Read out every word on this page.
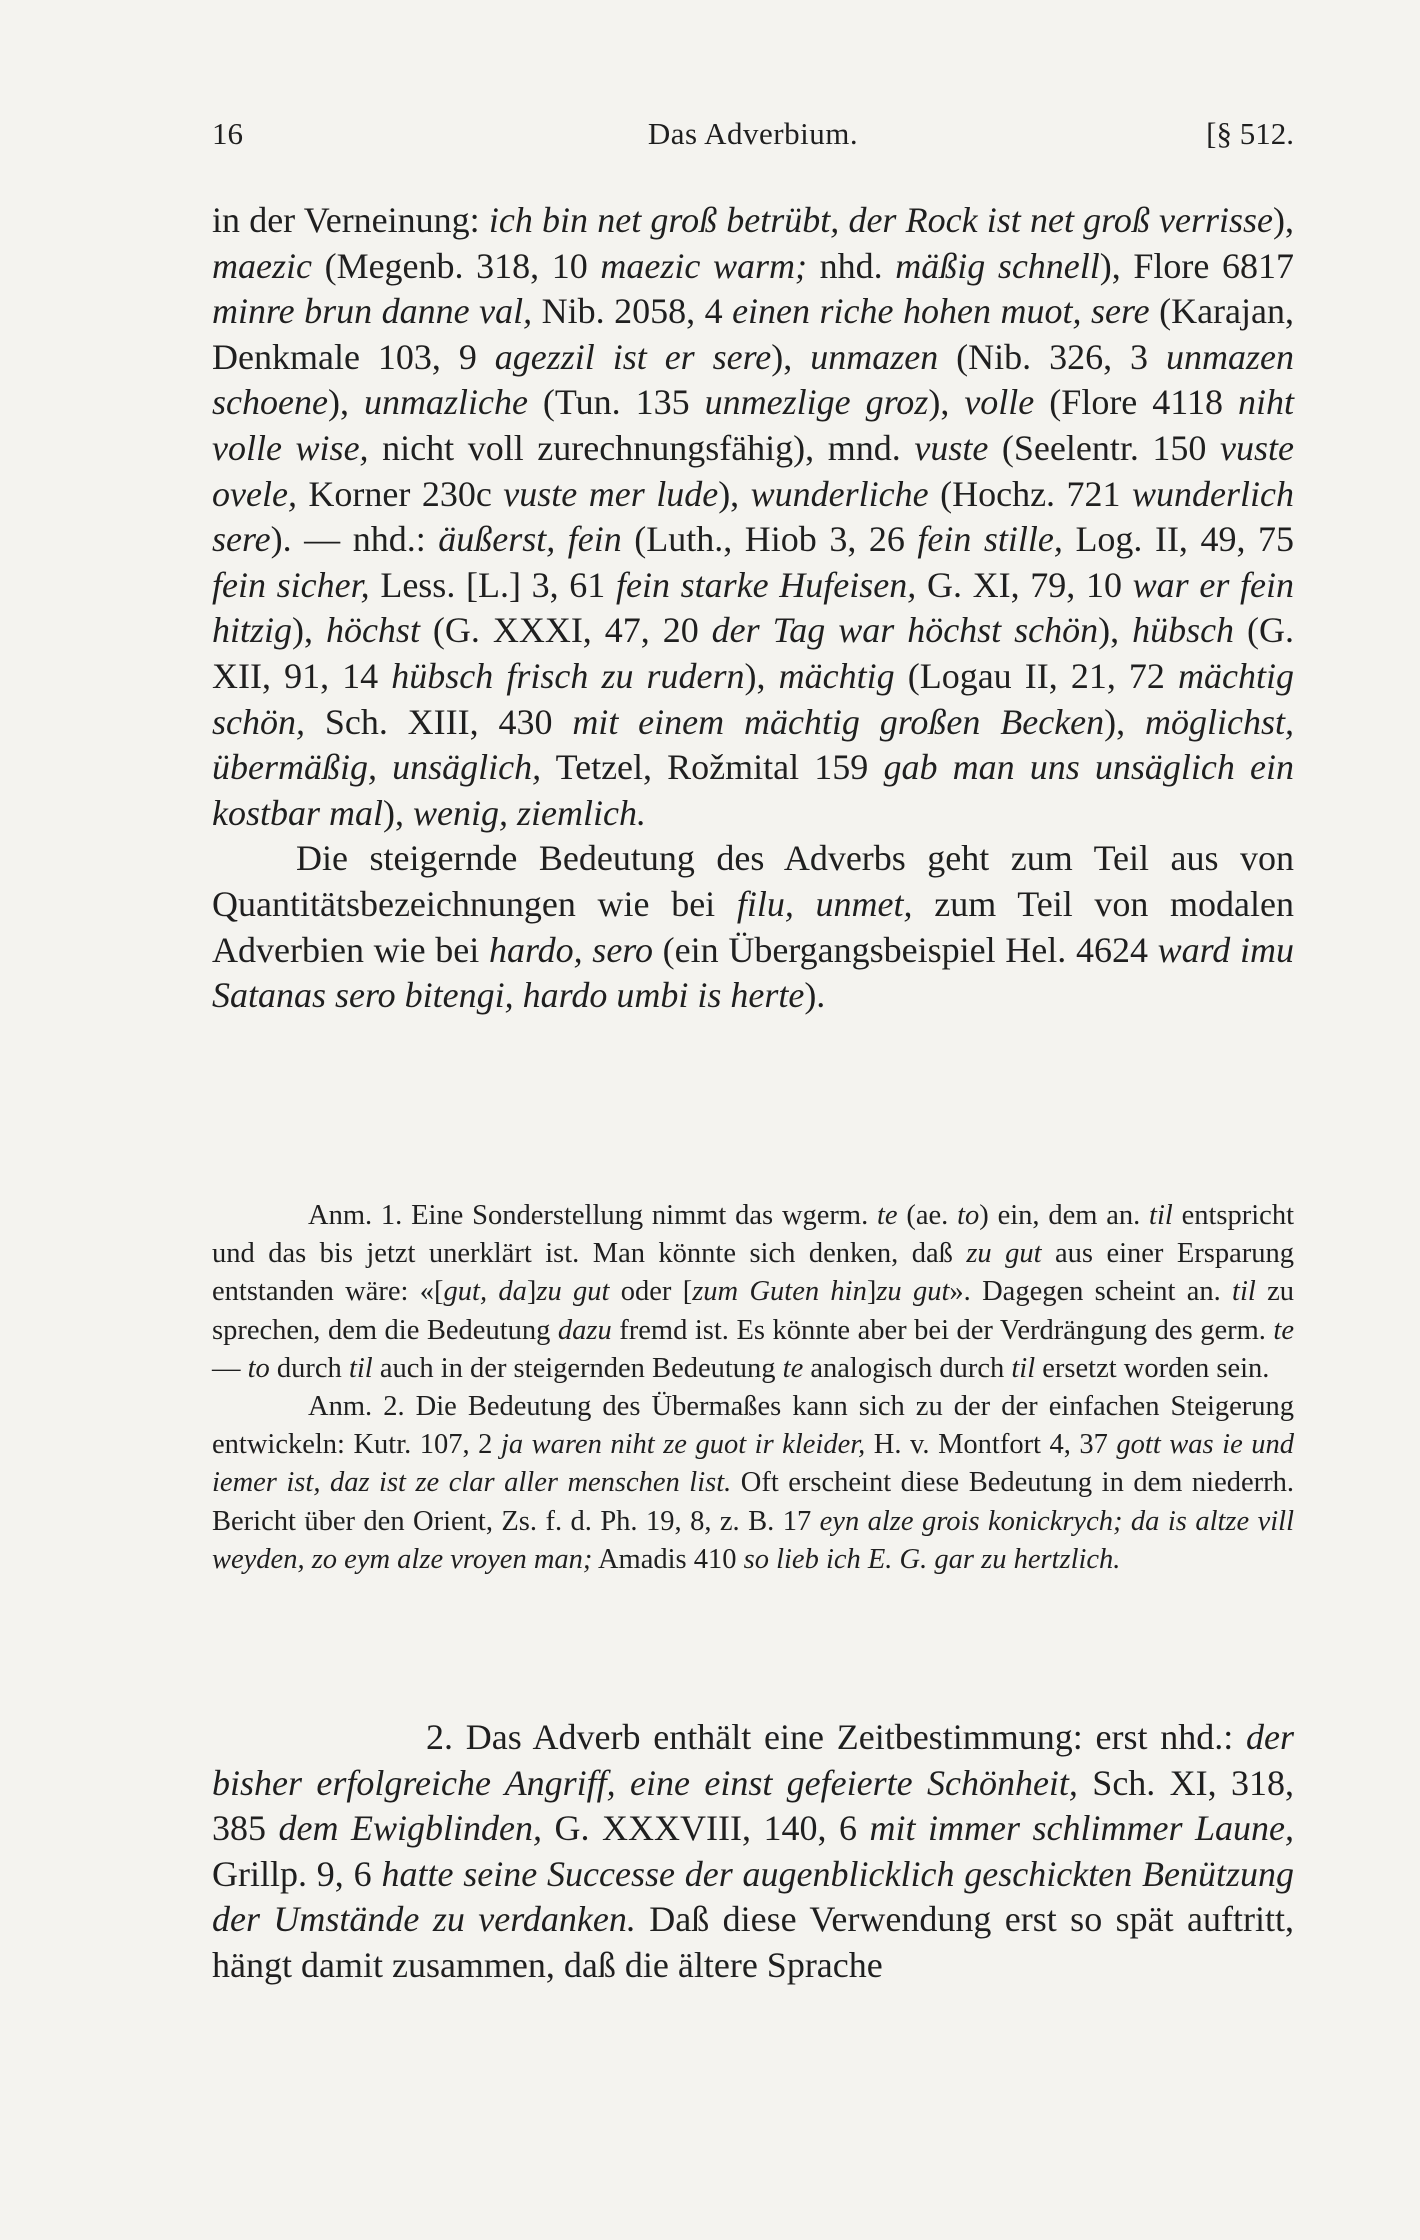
16	Das Adverbium.	[§ 512.

in der Verneinung: ich bin net groß betrübt, der Rock ist net groß verrisse), maezic (Megenb. 318, 10 maezic warm; nhd. mäßig schnell), Flore 6817 minre brun danne val, Nib. 2058, 4 einen riche hohen muot, sere (Karajan, Denkmale 103, 9 agezzil ist er sere), unmazen (Nib. 326, 3 unmazen schoene), unmazliche (Tun. 135 unmezlige groz), volle (Flore 4118 niht volle wise, nicht voll zurechnungsfähig), mnd. vuste (Seelentr. 150 vuste ovele, Korner 230c vuste mer lude), wunderliche (Hochz. 721 wunderlich sere). — nhd.: äußerst, fein (Luth., Hiob 3, 26 fein stille, Log. II, 49, 75 fein sicher, Less. [L.] 3, 61 fein starke Hufeisen, G. XI, 79, 10 war er fein hitzig), höchst (G. XXXI, 47, 20 der Tag war höchst schön), hübsch (G. XII, 91, 14 hübsch frisch zu rudern), mächtig (Logau II, 21, 72 mächtig schön, Sch. XIII, 430 mit einem mächtig großen Becken), möglichst, übermäßig, unsäglich, Tetzel, Rožmital 159 gab man uns unsäglich ein kostbar mal), wenig, ziemlich.

Die steigernde Bedeutung des Adverbs geht zum Teil aus von Quantitätsbezeichnungen wie bei filu, unmet, zum Teil von modalen Adverbien wie bei hardo, sero (ein Übergangsbeispiel Hel. 4624 ward imu Satanas sero bitengi, hardo umbi is herte).

Anm. 1. Eine Sonderstellung nimmt das wgerm. te (ae. to) ein, dem an. til entspricht und das bis jetzt unerklärt ist. Man könnte sich denken, daß zu gut aus einer Ersparung entstanden wäre: «[gut, da]zu gut oder [zum Guten hin]zu gut». Dagegen scheint an. til zu sprechen, dem die Bedeutung dazu fremd ist. Es könnte aber bei der Verdrängung des germ. te — to durch til auch in der steigernden Bedeutung te analogisch durch til ersetzt worden sein.

Anm. 2. Die Bedeutung des Übermaßes kann sich zu der der einfachen Steigerung entwickeln: Kutr. 107, 2 ja waren niht ze guot ir kleider, H. v. Montfort 4, 37 gott was ie und iemer ist, daz ist ze clar aller menschen list. Oft erscheint diese Bedeutung in dem niederrh. Bericht über den Orient, Zs. f. d. Ph. 19, 8, z. B. 17 eyn alze grois konickrych; da is altze vill weyden, zo eym alze vroyen man; Amadis 410 so lieb ich E. G. gar zu hertzlich.

2. Das Adverb enthält eine Zeitbestimmung: erst nhd.: der bisher erfolgreiche Angriff, eine einst gefeierte Schönheit, Sch. XI, 318, 385 dem Ewigblinden, G. XXXVIII, 140, 6 mit immer schlimmer Laune, Grillp. 9, 6 hatte seine Successe der augenblicklich geschickten Benützung der Umstände zu verdanken. Daß diese Verwendung erst so spät auftritt, hängt damit zusammen, daß die ältere Sprache
